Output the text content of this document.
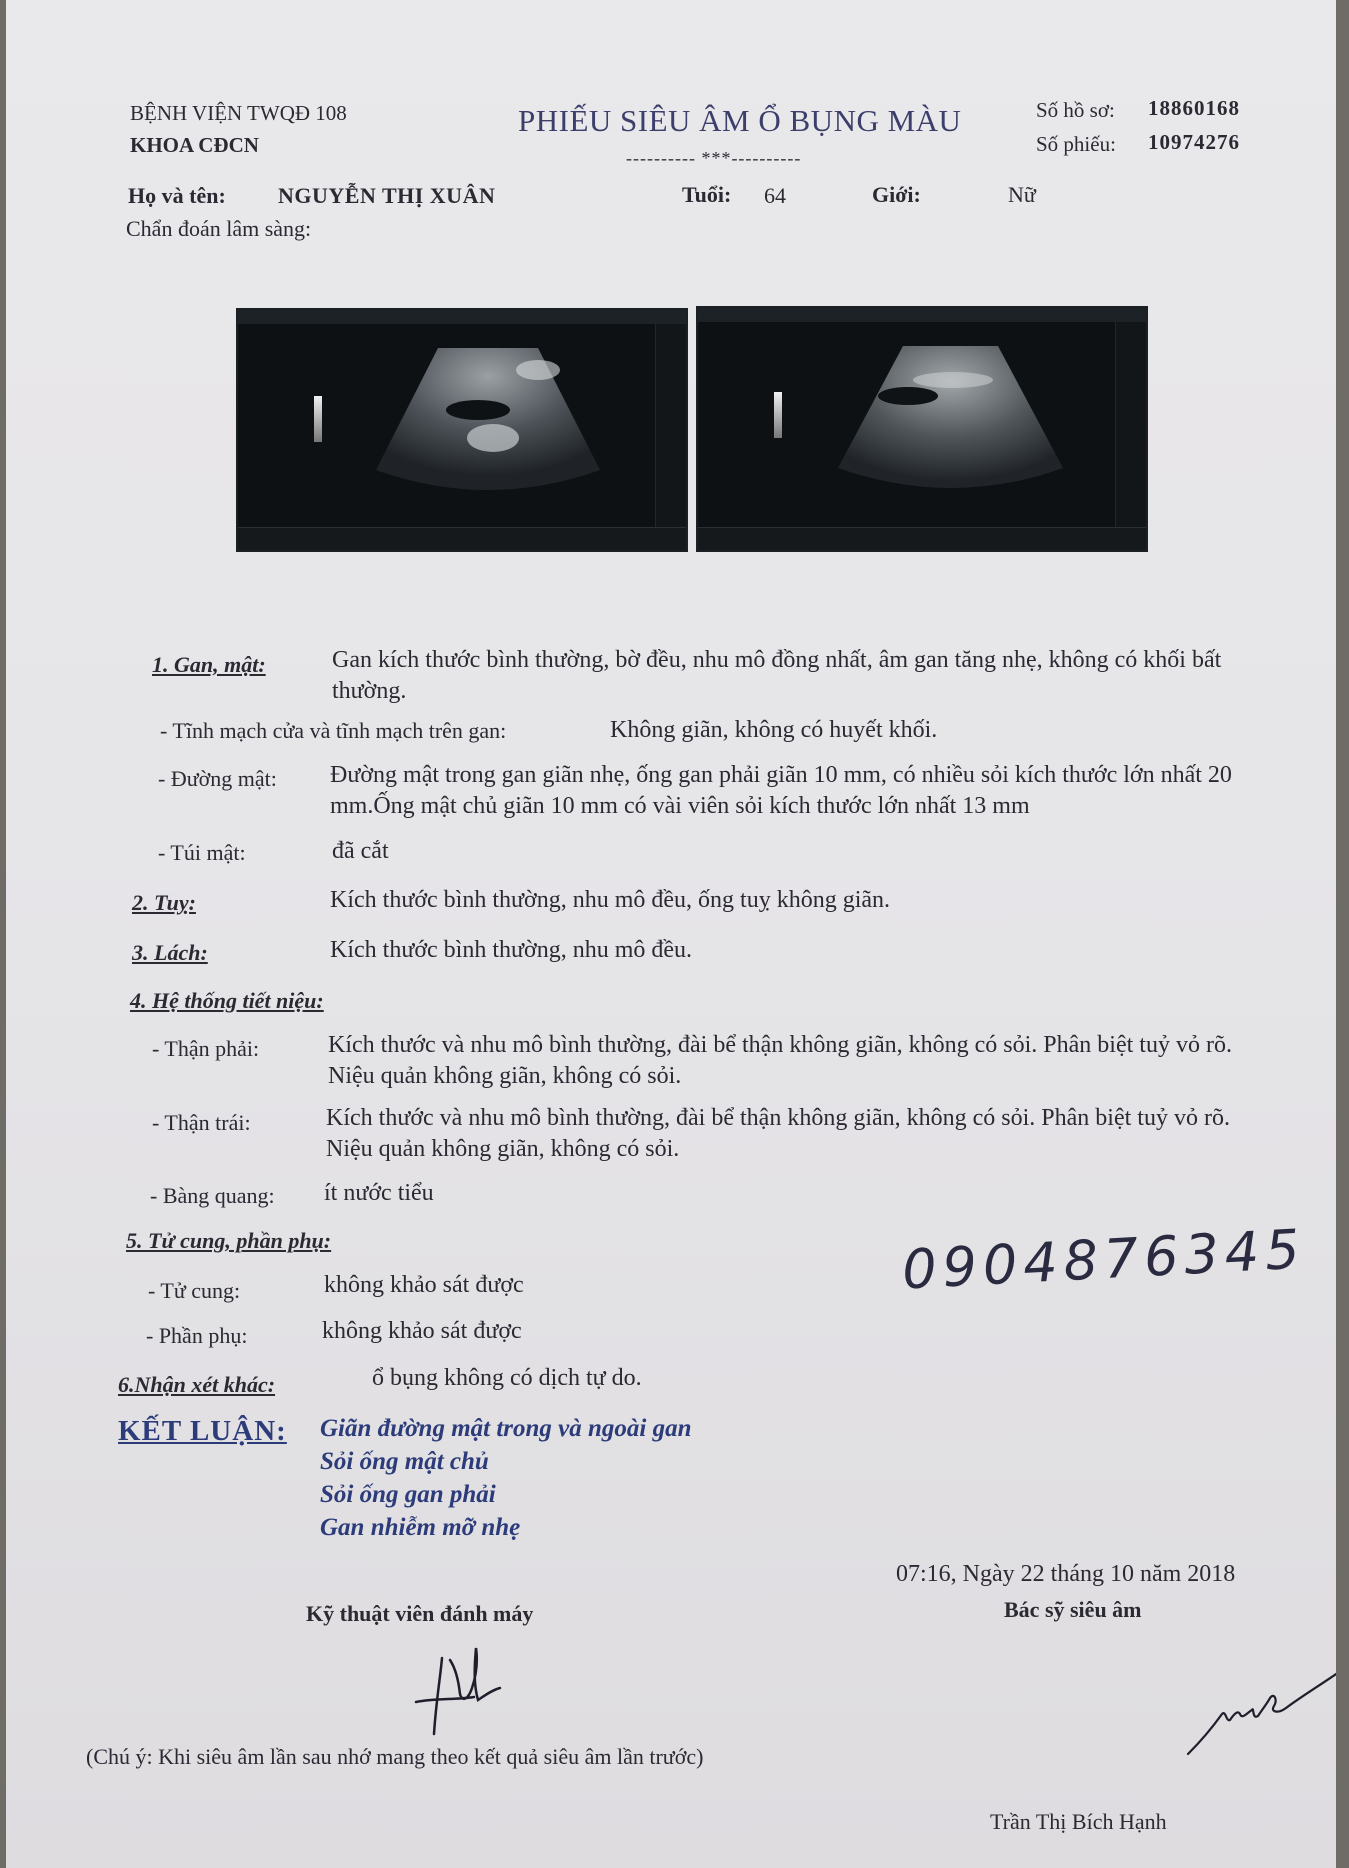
BỆNH VIỆN TWQĐ 108
KHOA CĐCN
PHIẾU SIÊU ÂM Ổ BỤNG MÀU
---------- ***----------
Số hồ sơ: 18860168
Số phiếu: 10974276
Họ và tên: NGUYỄN THỊ XUÂN	Tuổi: 64	Giới:	Nữ
Chẩn đoán lâm sàng:
1. Gan, mật:	Gan kích thước bình thường, bờ đều, nhu mô đồng nhất, âm gan tăng nhẹ, không có khối bất thường.
- Tĩnh mạch cửa và tĩnh mạch trên gan:	Không giãn, không có huyết khối.
- Đường mật: Đường mật trong gan giãn nhẹ, ống gan phải giãn 10 mm, có nhiều sỏi kích thước lớn nhất 20 mm.Ống mật chủ giãn 10 mm có vài viên sỏi kích thước lớn nhất 13 mm
- Túi mật:	đã cắt
2. Tuỵ:	Kích thước bình thường, nhu mô đều, ống tuỵ không giãn.
3. Lách:	Kích thước bình thường, nhu mô đều.
4. Hệ thống tiết niệu:
- Thận phải:	Kích thước và nhu mô bình thường, đài bể thận không giãn, không có sỏi. Phân biệt tuỷ vỏ rõ. Niệu quản không giãn, không có sỏi.
- Thận trái:	Kích thước và nhu mô bình thường, đài bể thận không giãn, không có sỏi. Phân biệt tuỷ vỏ rõ. Niệu quản không giãn, không có sỏi.
- Bàng quang: ít nước tiểu
5. Tử cung, phần phụ:
- Tử cung:	không khảo sát được
- Phần phụ:	không khảo sát được
6.Nhận xét khác:	ổ bụng không có dịch tự do.
0904876345
KẾT LUẬN: Giãn đường mật trong và ngoài gan
Sỏi ống mật chủ
Sỏi ống gan phải
Gan nhiễm mỡ nhẹ
07:16, Ngày 22 tháng 10 năm 2018
Kỹ thuật viên đánh máy	Bác sỹ siêu âm
(Chú ý: Khi siêu âm lần sau nhớ mang theo kết quả siêu âm lần trước)
Trần Thị Bích Hạnh
